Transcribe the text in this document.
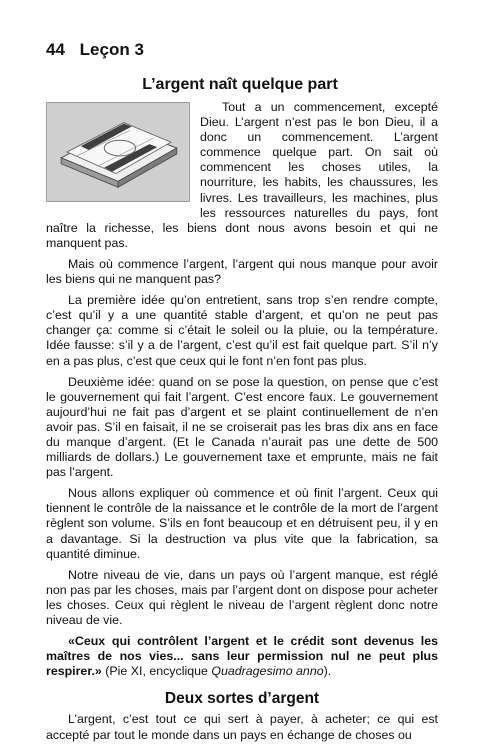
44 Leçon 3
L’argent naît quelque part

Tout a un commencement, excepté Dieu. L’argent n’est pas le bon Dieu, il a donc un commencement. L’argent commence quelque part. On sait où commencent les choses utiles, la nourriture, les habits, les chaussures, les livres. Les travailleurs, les machines, plus les ressources naturelles du pays, font naître la richesse, les biens dont nous avons besoin et qui ne manquent pas.

Mais où commence l’argent, l’argent qui nous manque pour avoir les biens qui ne manquent pas?

La première idée qu’on entretient, sans trop s’en rendre compte, c’est qu’il y a une quantité stable d’argent, et qu’on ne peut pas changer ça: comme si c’était le soleil ou la pluie, ou la température. Idée fausse: s’il y a de l’argent, c’est qu’il est fait quelque part. S’il n’y en a pas plus, c’est que ceux qui le font n’en font pas plus.

Deuxième idée: quand on se pose la question, on pense que c’est le gouvernement qui fait l’argent. C’est encore faux. Le gouvernement aujourd’hui ne fait pas d’argent et se plaint continuellement de n’en avoir pas. S’il en faisait, il ne se croiserait pas les bras dix ans en face du manque d’argent. (Et le Canada n’aurait pas une dette de 500 milliards de dollars.) Le gouvernement taxe et emprunte, mais ne fait pas l’argent.

Nous allons expliquer où commence et où finit l’argent. Ceux qui tiennent le contrôle de la naissance et le contrôle de la mort de l’argent règlent son volume. S’ils en font beaucoup et en détruisent peu, il y en a davantage. Si la destruction va plus vite que la fabrication, sa quantité diminue.

Notre niveau de vie, dans un pays où l’argent manque, est réglé non pas par les choses, mais par l’argent dont on dispose pour acheter les choses. Ceux qui règlent le niveau de l’argent règlent donc notre niveau de vie.

«Ceux qui contrôlent l’argent et le crédit sont devenus les maîtres de nos vies... sans leur permission nul ne peut plus respirer.» (Pie XI, encyclique Quadragesimo anno).

Deux sortes d’argent

L’argent, c’est tout ce qui sert à payer, à acheter; ce qui est accepté par tout le monde dans un pays en échange de choses ou
